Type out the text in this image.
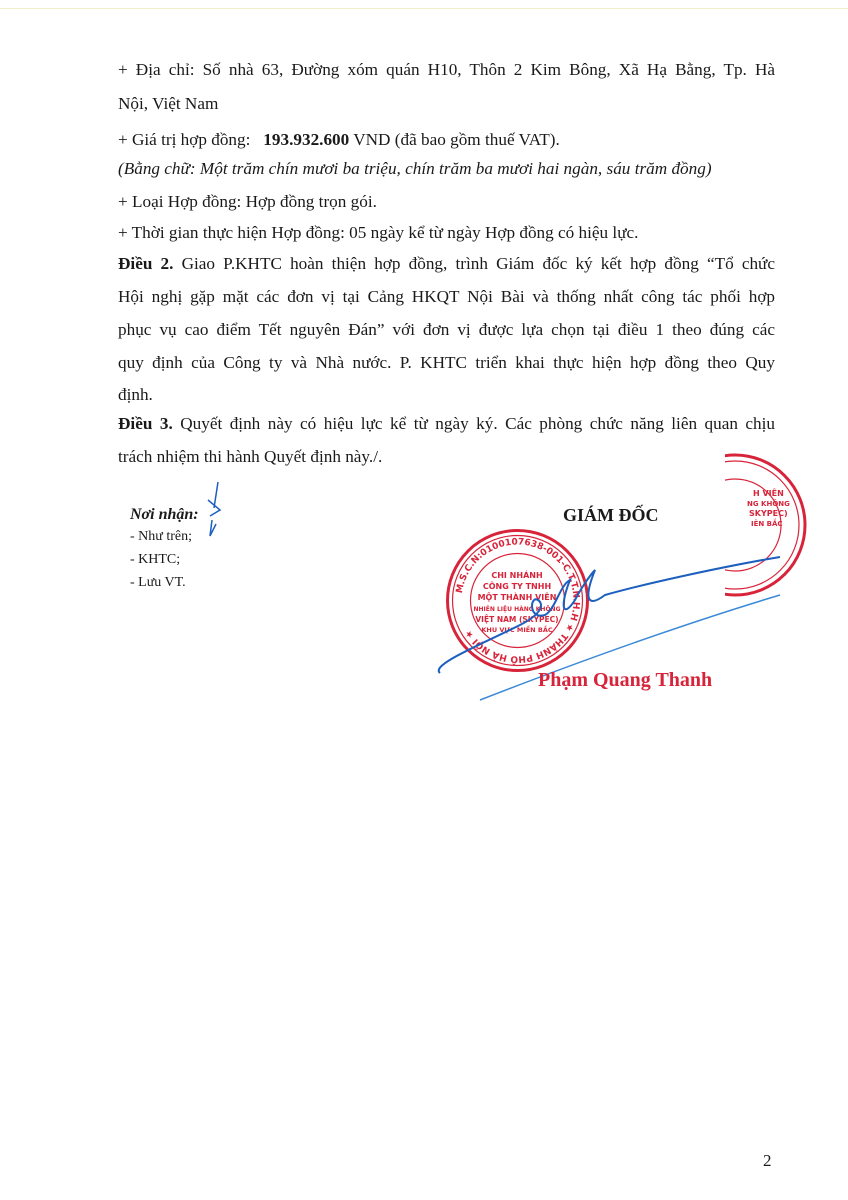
+ Địa chỉ: Số nhà 63, Đường xóm quán H10, Thôn 2 Kim Bông, Xã Hạ Bằng, Tp. Hà
Nội, Việt Nam
+ Giá trị hợp đồng: 193.932.600 VND (đã bao gồm thuế VAT).
(Bằng chữ: Một trăm chín mươi ba triệu, chín trăm ba mươi hai ngàn, sáu trăm đồng)
+ Loại Hợp đồng: Hợp đồng trọn gói.
+ Thời gian thực hiện Hợp đồng: 05 ngày kể từ ngày Hợp đồng có hiệu lực.
Điều 2. Giao P.KHTC hoàn thiện hợp đồng, trình Giám đốc ký kết hợp đồng “Tổ chức
Hội nghị gặp mặt các đơn vị tại Cảng HKQT Nội Bài và thống nhất công tác phối hợp
phục vụ cao điểm Tết nguyên Đán” với đơn vị được lựa chọn tại điều 1 theo đúng các
quy định của Công ty và Nhà nước. P. KHTC triển khai thực hiện hợp đồng theo Quy
định.
Điều 3. Quyết định này có hiệu lực kể từ ngày ký. Các phòng chức năng liên quan chịu
trách nhiệm thi hành Quyết định này./.
Nơi nhận:
- Như trên;
- KHTC;
- Lưu VT.
GIÁM ĐỐC
H VIÊN
NG KHÔNG
SKYPEC)
IÊN BẮC
M.S.C.N:0100107638-001-C.T.T.N.H.H ★ THÀNH PHỐ HÀ NỘI ★
CHI NHÁNH
CÔNG TY TNHH
MỘT THÀNH VIÊN
NHIÊN LIỆU HÀNG KHÔNG
VIỆT NAM (SKYPEC)
KHU VỰC MIỀN BẮC
Phạm Quang Thanh
2
